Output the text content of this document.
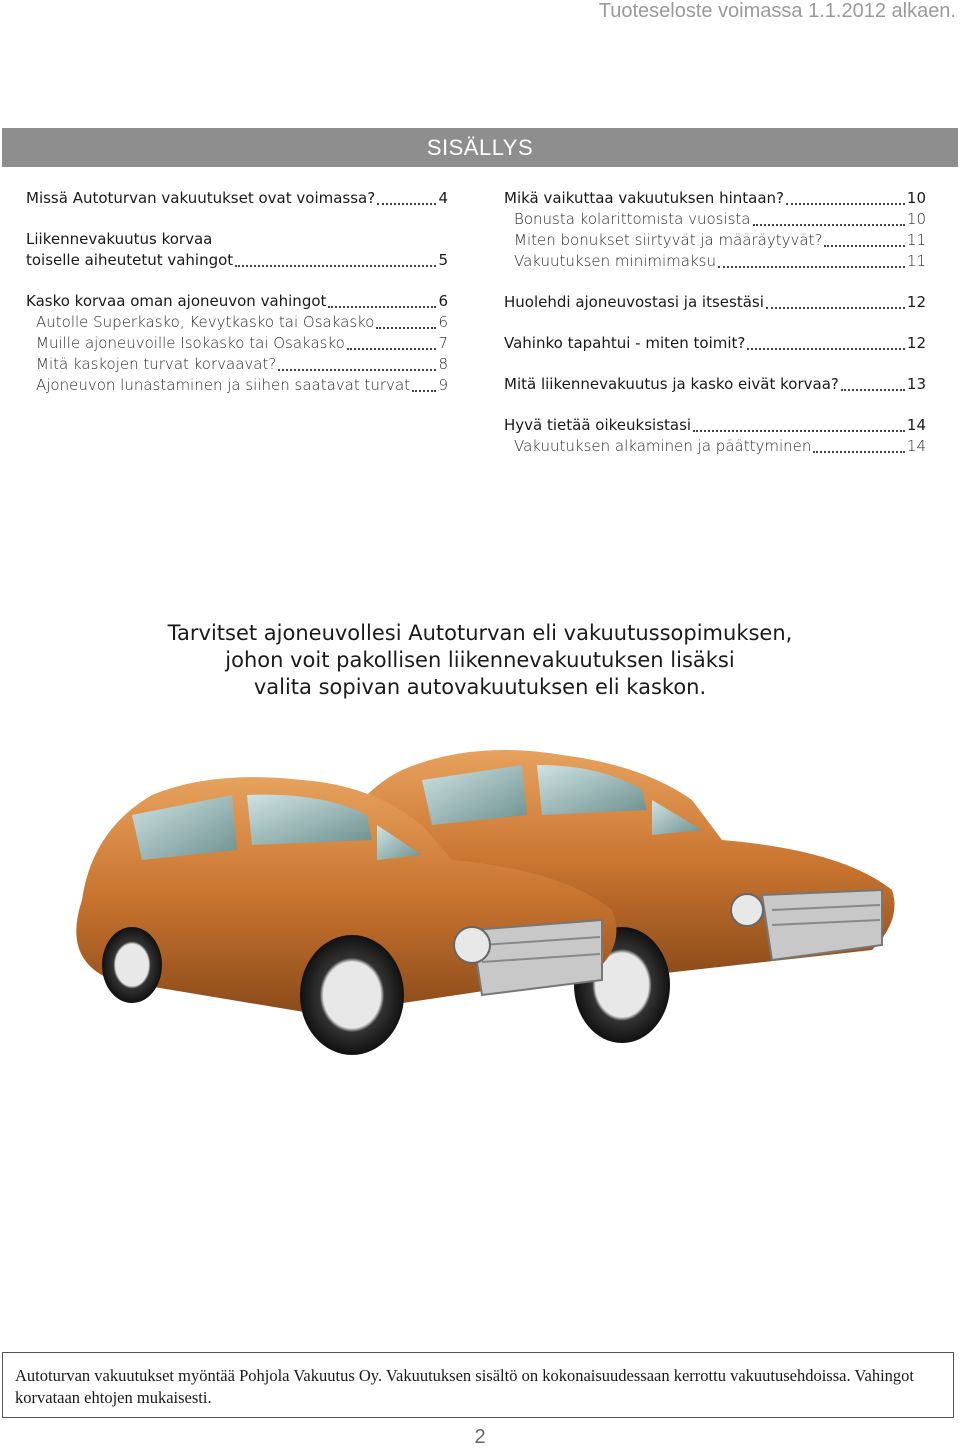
Tuoteseloste voimassa 1.1.2012 alkaen.
SISÄLLYS
Missä Autoturvan vakuutukset ovat voimassa?	4
Liikennevakuutus korvaa
toiselle aiheutetut vahingot	5
Kasko korvaa oman ajoneuvon vahingot	6
Autolle Superkasko, Kevytkasko tai Osakasko	6
Muille ajoneuvoille Isokasko tai Osakasko	7
Mitä kaskojen turvat korvaavat?	8
Ajoneuvon lunastaminen ja siihen saatavat turvat 9
Mikä vaikuttaa vakuutuksen hintaan?	10
Bonusta kolarittomista vuosista	10
Miten bonukset siirtyvät ja määräytyvät?	11
Vakuutuksen minimimaksu	11
Huolehdi ajoneuvostasi ja itsestäsi	12
Vahinko tapahtui - miten toimit?	12
Mitä liikennevakuutus ja kasko eivät korvaa?	13
Hyvä tietää oikeuksistasi	14
Vakuutuksen alkaminen ja päättyminen	14
Tarvitset ajoneuvollesi Autoturvan eli vakuutussopimuksen,
johon voit pakollisen liikennevakuutuksen lisäksi
valita sopivan autovakuutuksen eli kaskon.
Autoturvan vakuutukset myöntää Pohjola Vakuutus Oy. Vakuutuksen sisältö on kokonaisuudessaan kerrottu vakuutusehdoissa. Vahingot korvataan ehtojen mukaisesti.
2
